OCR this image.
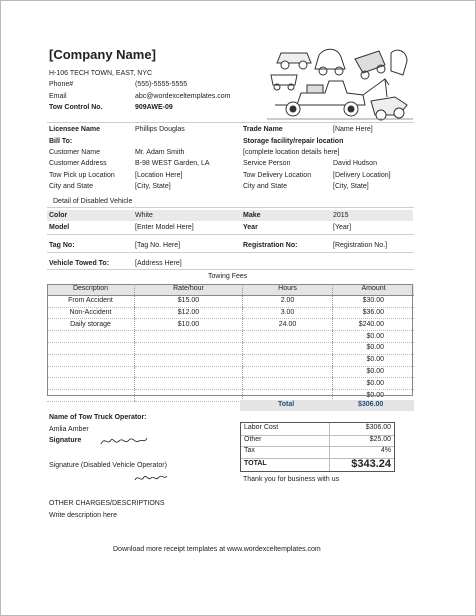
[Company Name]
H-106 TECH TOWN, EAST, NYC
Phone#	(555)-5555-5555
Email	abc@wordexceltemplates.com
Tow Control No.	909AWE-09
Licensee Name	Phillips Douglas	Trade Name	[Name Here]
Bill To:	Storage facility/repair location
[complete location details here]
Customer Name	Mr. Adam Smith
Customer Address	B-98 WEST Garden, LA	Service Person	David Hudson
Tow Pick up Location	[Location Here]	Tow Delivery Location	[Delivery Location]
City and State	[City, State]	City and State	[City, State]
Detail of Disabled Vehicle
Color	White	Make	2015
Model	[Enter Model Here]	Year	[Year]
Tag No:	[Tag No. Here]	Registration No:	[Registration No.]
Vehicle Towed To:	[Address Here]
Towing Fees
Description	Rate/hour	Hours	Amount
From Accident	$15.00	2.00	$30.00
Non-Accident	$12.00	3.00	$36.00
Daily storage	$10.00	24.00	$240.00
			$0.00
			$0.00
			$0.00
			$0.00
			$0.00
			$0.00
Total	$306.00
Name of Tow Truck Operator:
Amlia Amber
Signature
Signature (Disabled Vehicle Operator)
Labor Cost	$306.00
Other	$25.00
Tax	4%
TOTAL	$343.24
Thank you for business with us
OTHER CHARGES/DESCRIPTIONS
Write description here
Download more receipt templates at www.wordexceltemplates.com
